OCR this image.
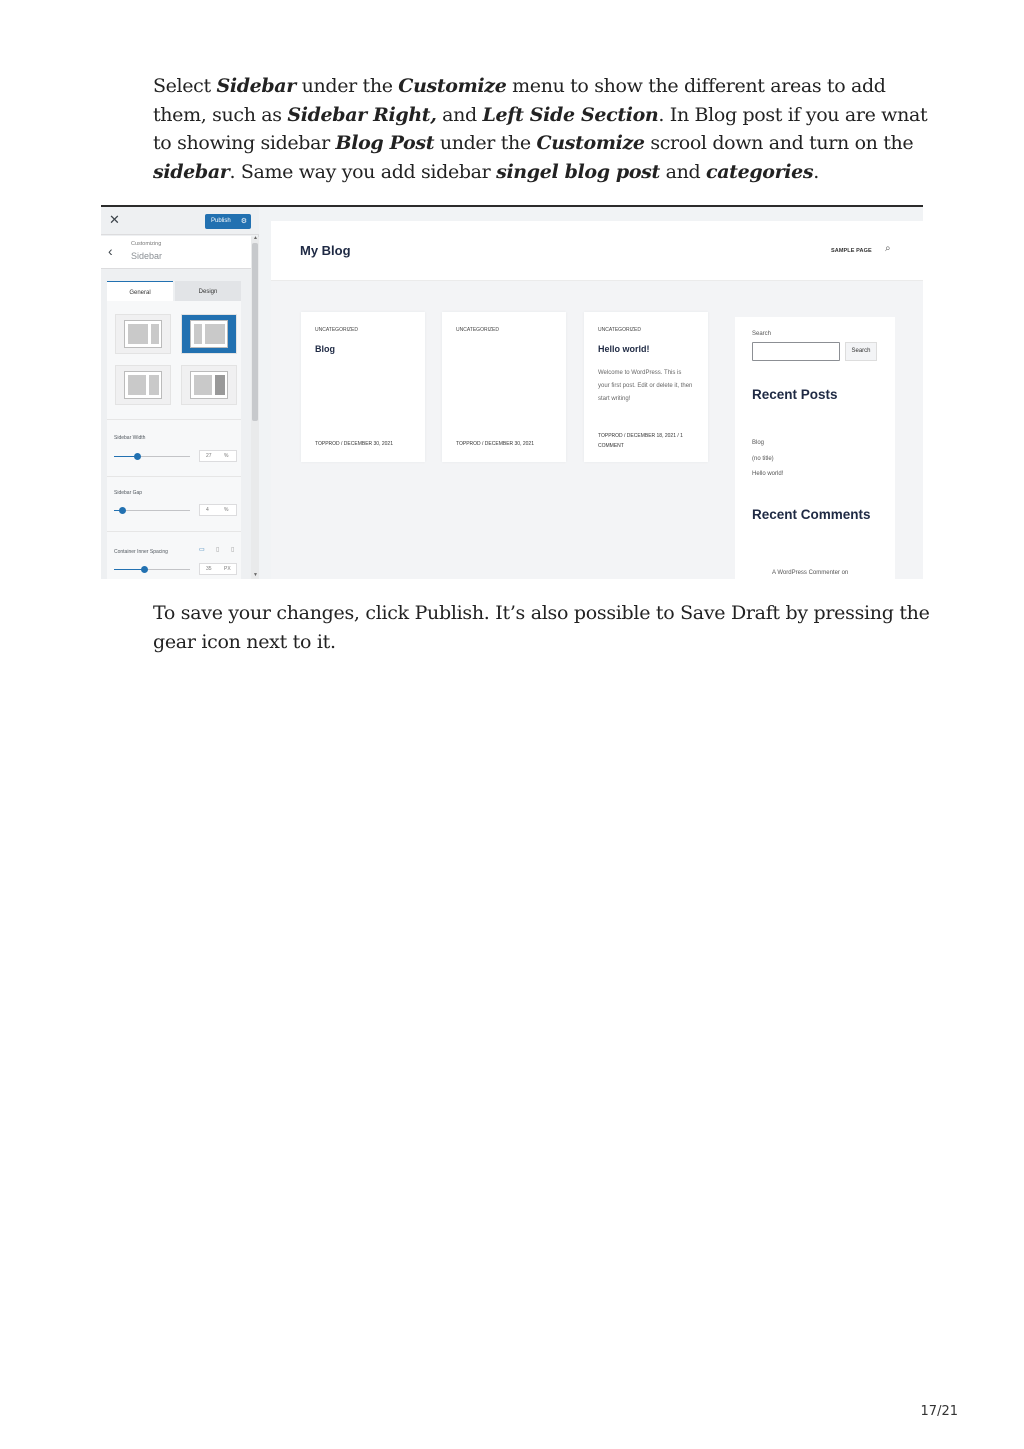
Select Sidebar under the Customize menu to show the different areas to add them, such as Sidebar Right, and Left Side Section. In Blog post if you are wnat to showing sidebar Blog Post under the Customize scrool down and turn on the sidebar. Same way you add sidebar singel blog post and categories.

✕	Publish ⚙
‹	Customizing
Sidebar
General	Design
Sidebar Width
27 %
Sidebar Gap
4	%
Container Inner Spacing	▭ ▯ ▯
35 PX
▲
▼
My Blog	SAMPLE PAGE ⌕
UNCATEGORIZED
Blog
TOPPROD / DECEMBER 30, 2021
UNCATEGORIZED
TOPPROD / DECEMBER 30, 2021
UNCATEGORIZED
Hello world!
Welcome to WordPress. This is your first post. Edit or delete it, then start writing!
TOPPROD / DECEMBER 18, 2021 / 1 COMMENT
Search
Search
Recent Posts
Blog
(no title)
Hello world!
Recent Comments
A WordPress Commenter on

To save your changes, click Publish. It’s also possible to Save Draft by pressing the gear icon next to it.

17/21
